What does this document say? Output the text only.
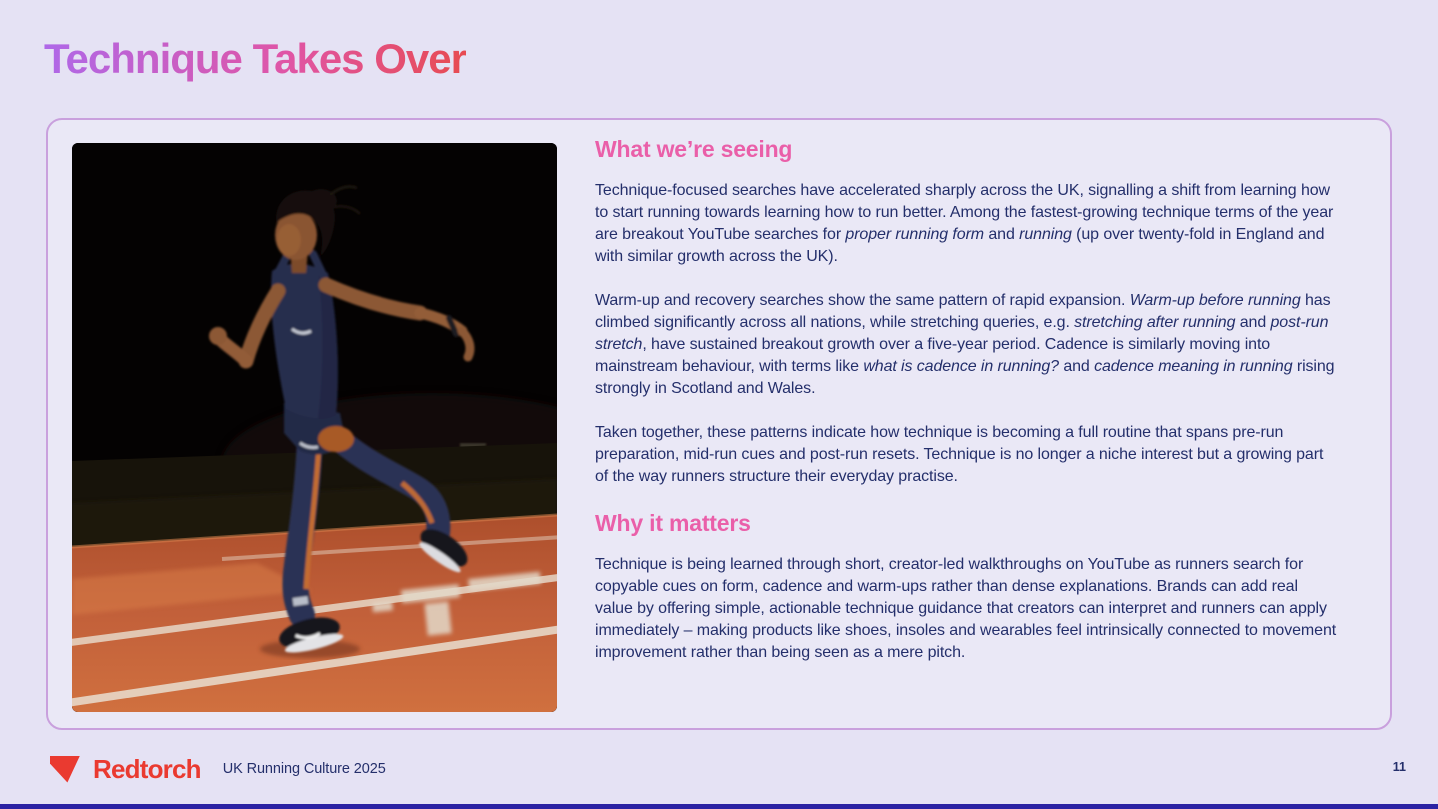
Technique Takes Over
What we’re seeing

Technique-focused searches have accelerated sharply across the UK, signalling a shift from learning how to start running towards learning how to run better. Among the fastest-growing technique terms of the year are breakout YouTube searches for proper running form and running (up over twenty-fold in England and with similar growth across the UK).

Warm-up and recovery searches show the same pattern of rapid expansion. Warm-up before running has climbed significantly across all nations, while stretching queries, e.g. stretching after running and post-run stretch, have sustained breakout growth over a five-year period. Cadence is similarly moving into mainstream behaviour, with terms like what is cadence in running? and cadence meaning in running rising strongly in Scotland and Wales.

Taken together, these patterns indicate how technique is becoming a full routine that spans pre-run preparation, mid-run cues and post-run resets. Technique is no longer a niche interest but a growing part of the way runners structure their everyday practise.

Why it matters

Technique is being learned through short, creator-led walkthroughs on YouTube as runners search for copyable cues on form, cadence and warm-ups rather than dense explanations. Brands can add real value by offering simple, actionable technique guidance that creators can interpret and runners can apply immediately – making products like shoes, insoles and wearables feel intrinsically connected to movement improvement rather than being seen as a mere pitch.

Redtorch UK Running Culture 2025	11
